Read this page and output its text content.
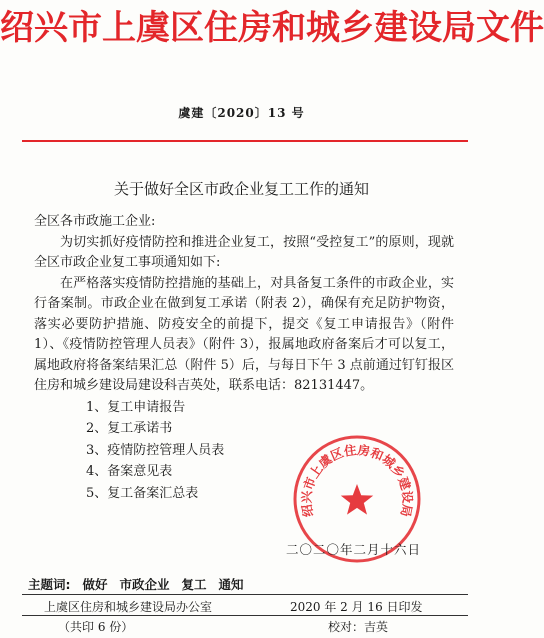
绍兴市上虞区住房和城乡建设局文件
虞建〔2020〕13 号
关于做好全区市政企业复工工作的通知

全区各市政施工企业:

为切实抓好疫情防控和推进企业复工，按照“受控复工”的原则，现就全区市政企业复工事项通知如下:

在严格落实疫情防控措施的基础上，对具备复工条件的市政企业，实行备案制。市政企业在做到复工承诺（附表 2），确保有充足防护物资，落实必要防护措施、防疫安全的前提下，提交《复工申请报告》（附件 1）、《疫情防控管理人员表》（附件 3），报属地政府备案后才可以复工，属地政府将备案结果汇总（附件 5）后，与每日下午 3 点前通过钉钉报区住房和城乡建设局建设科吉英处，联系电话：82131447。

1、复工申请报告

2、复工承诺书

3、疫情防控管理人员表

4、备案意见表

5、复工备案汇总表

绍兴市上虞区住房和城乡建设局
二〇二〇年二月十六日
主题词: 做好 市政企业 复工 通知
上虞区住房和城乡建设局办公室	2020 年 2 月 16 日印发
（共印 6 份）	校对：吉英
